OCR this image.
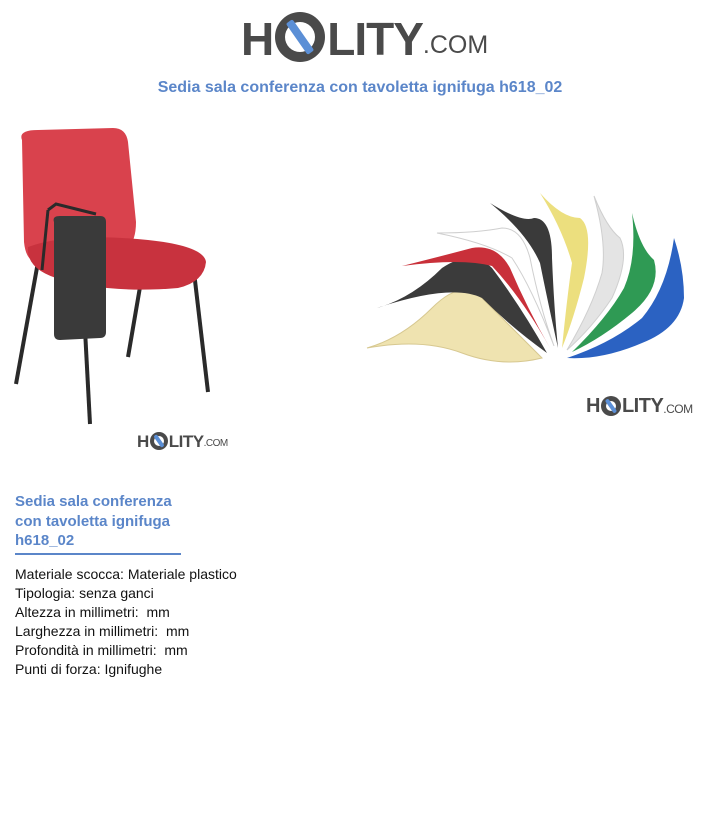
H LITY .COM
Sedia sala conferenza con tavoletta ignifuga h618_02
H LITY .COM
H LITY .COM
Sedia sala conferenza
con tavoletta ignifuga
h618_02
Materiale scocca: Materiale plastico
Tipologia: senza ganci
Altezza in millimetri:  mm
Larghezza in millimetri:  mm
Profondità in millimetri:  mm
Punti di forza: Ignifughe
